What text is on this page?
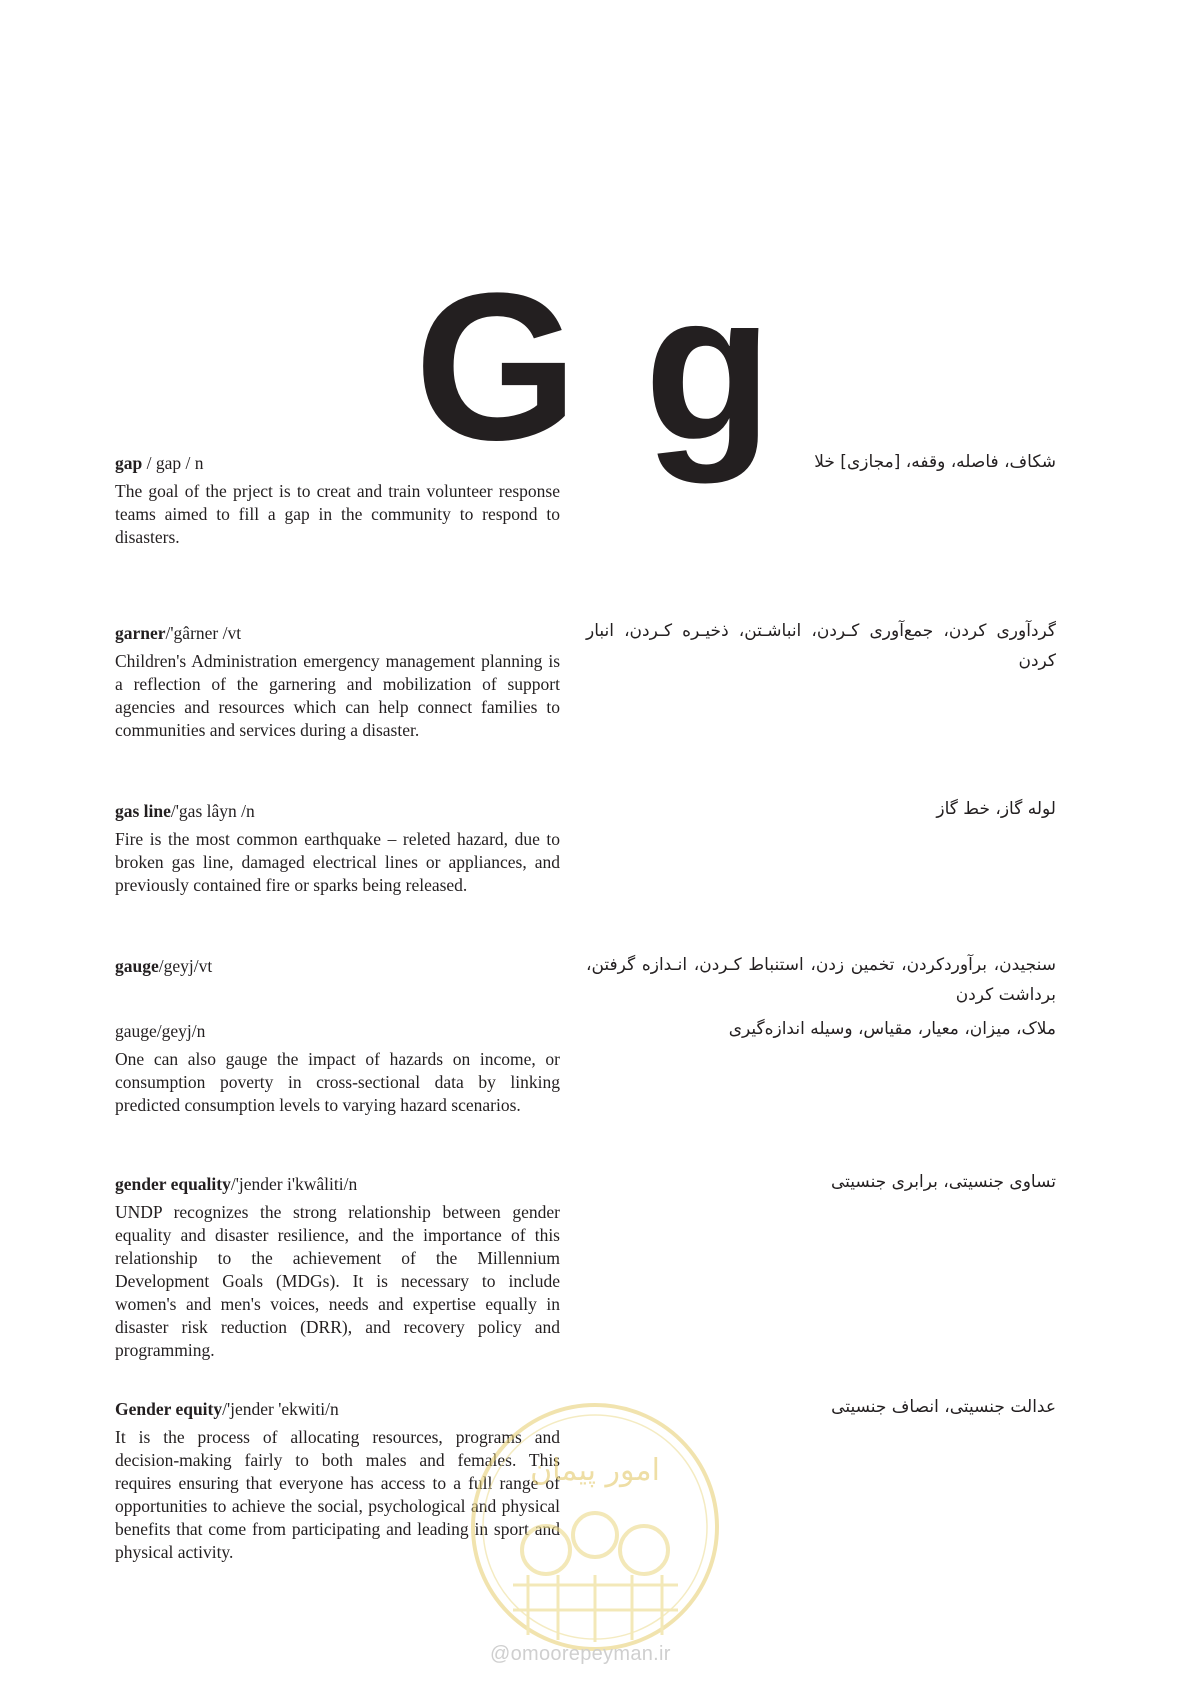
G g

gap / gap / n

The goal of the prject is to creat and train volunteer response teams aimed to fill a gap in the community to respond to disasters.

شکاف، فاصله، وقفه، [مجازی] خلا

garner/'gârner /vt

Children's Administration emergency management planning is a reflection of the garnering and mobilization of support agencies and resources which can help connect families to communities and services during a disaster.

گردآوری کردن، جمع‌آوری کـردن، انباشـتن، ذخیـره کـردن، انبار کردن

gas line/'gas lâyn /n

Fire is the most common earthquake – releted hazard, due to broken gas line, damaged electrical lines or appliances, and previously contained fire or sparks being released.

لوله گاز، خط گاز

gauge/geyj/vt	سنجیدن، برآوردکردن، تخمین زدن، استنباط کـردن، انـدازه گرفتن، برداشت کردن

gauge/geyj/n

One can also gauge the impact of hazards on income, or consumption poverty in cross-sectional data by linking predicted consumption levels to varying hazard scenarios.

ملاک، میزان، معیار، مقیاس، وسیله اندازه‌گیری

gender equality/'jender i'kwâliti/n

UNDP recognizes the strong relationship between gender equality and disaster resilience, and the importance of this relationship to the achievement of the Millennium Development Goals (MDGs). It is necessary to include women's and men's voices, needs and expertise equally in disaster risk reduction (DRR), and recovery policy and programming.

تساوی جنسیتی، برابری جنسیتی

Gender equity/'jender 'ekwiti/n

It is the process of allocating resources, programs and decision-making fairly to both males and females. This requires ensuring that everyone has access to a full range of opportunities to achieve the social, psychological and physical benefits that come from participating and leading in sport and physical activity.

عدالت جنسیتی، انصاف جنسیتی
امور پیمان
@omoorepeyman.ir
